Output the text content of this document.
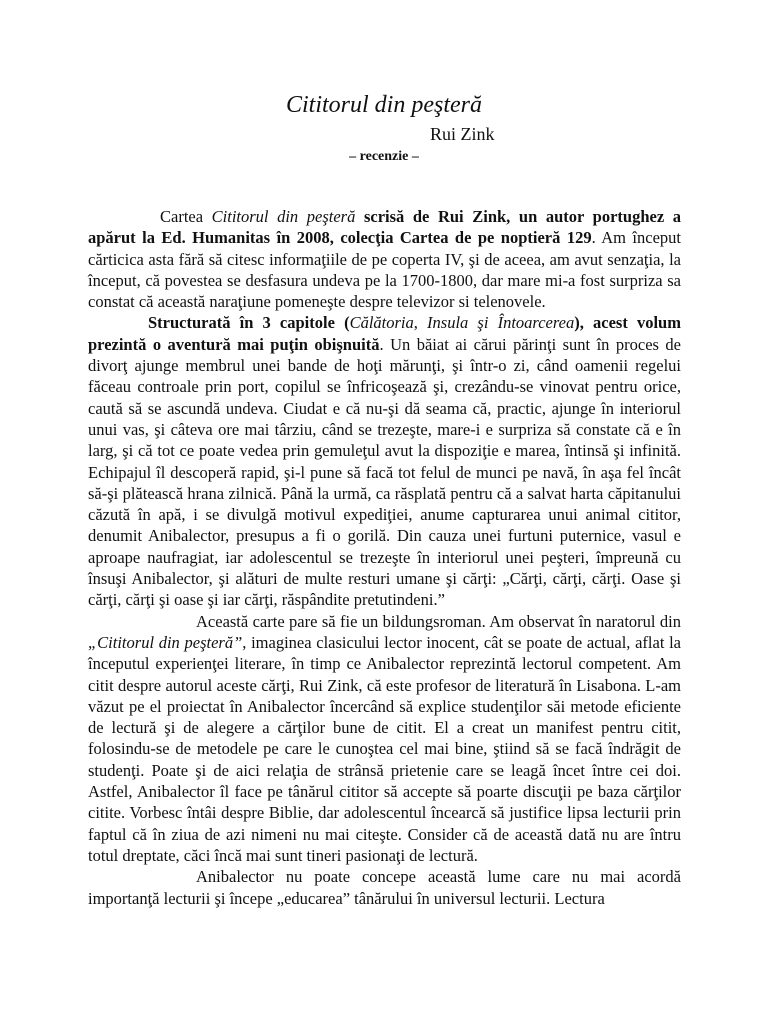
Cititorul din peşteră
Rui Zink
– recenzie –

Cartea Cititorul din peşteră scrisă de Rui Zink, un autor portughez a apărut la Ed. Humanitas în 2008, colecţia Cartea de pe noptieră 129. Am început cărticica asta fără să citesc informaţiile de pe coperta IV, şi de aceea, am avut senzaţia, la început, că povestea se desfasura undeva pe la 1700-1800, dar mare mi-a fost surpriza sa constat că această naraţiune pomeneşte despre televizor si telenovele.

Structurată în 3 capitole (Călătoria, Insula şi Întoarcerea), acest volum prezintă o aventură mai puţin obişnuită. Un băiat ai cărui părinţi sunt în proces de divorţ ajunge membrul unei bande de hoţi mărunţi, şi într-o zi, când oamenii regelui făceau controale prin port, copilul se înfricoşează şi, crezându-se vinovat pentru orice, caută să se ascundă undeva. Ciudat e că nu-şi dă seama că, practic, ajunge în interiorul unui vas, şi câteva ore mai târziu, când se trezeşte, mare-i e surpriza să constate că e în larg, şi că tot ce poate vedea prin gemuleţul avut la dispoziţie e marea, întinsă şi infinită. Echipajul îl descoperă rapid, şi-l pune să facă tot felul de munci pe navă, în aşa fel încât să-şi plătească hrana zilnică. Până la urmă, ca răsplată pentru că a salvat harta căpitanului căzută în apă, i se divulgă motivul expediţiei, anume capturarea unui animal cititor, denumit Anibalector, presupus a fi o gorilă. Din cauza unei furtuni puternice, vasul e aproape naufragiat, iar adolescentul se trezeşte în interiorul unei peşteri, împreună cu însuşi Anibalector, şi alături de multe resturi umane şi cărţi: „Cărţi, cărţi, cărţi. Oase şi cărţi, cărţi şi oase şi iar cărţi, răspândite pretutindeni.”

Această carte pare să fie un bildungsroman. Am observat în naratorul din „Cititorul din peşteră”, imaginea clasicului lector inocent, cât se poate de actual, aflat la începutul experienţei literare, în timp ce Anibalector reprezintă lectorul competent. Am citit despre autorul aceste cărţi, Rui Zink, că este profesor de literatură în Lisabona. L-am văzut pe el proiectat în Anibalector încercând să explice studenţilor săi metode eficiente de lectură şi de alegere a cărţilor bune de citit. El a creat un manifest pentru citit, folosindu-se de metodele pe care le cunoştea cel mai bine, ştiind să se facă îndrăgit de studenţi. Poate şi de aici relaţia de strânsă prietenie care se leagă încet între cei doi. Astfel, Anibalector îl face pe tânărul cititor să accepte să poarte discuţii pe baza cărţilor citite. Vorbesc întâi despre Biblie, dar adolescentul încearcă să justifice lipsa lecturii prin faptul că în ziua de azi nimeni nu mai citeşte. Consider că de această dată nu are întru totul dreptate, căci încă mai sunt tineri pasionaţi de lectură.

Anibalector nu poate concepe această lume care nu mai acordă importanţă lecturii şi începe „educarea” tânărului în universul lecturii. Lectura
